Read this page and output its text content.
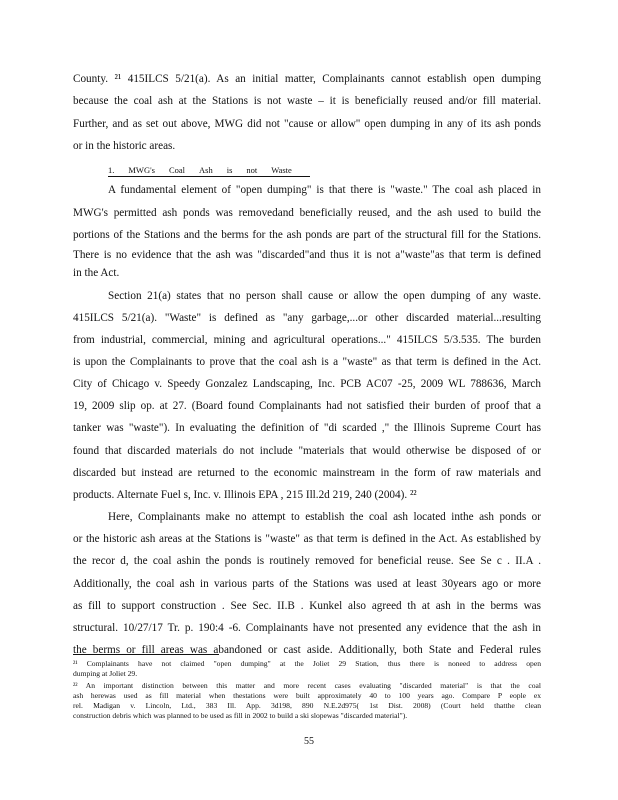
County. ²¹ 415ILCS 5/21(a). As an initial matter, Complainants cannot establish open dumping
because the coal ash at the Stations is not waste – it is beneficially reused and/or fill material.
Further, and as set out above, MWG did not "cause or allow" open dumping in any of its ash ponds
or in the historic areas.
1. MWG's Coal Ash is not Waste
A fundamental element of "open dumping" is that there is "waste." The coal ash placed in
MWG's permitted ash ponds was removedand beneficially reused, and the ash used to build the
portions of the Stations and the berms for the ash ponds are part of the structural fill for the Stations.
There is no evidence that the ash was "discarded"and thus it is not a"waste"as that term is defined
in the Act.
Section 21(a) states that no person shall cause or allow the open dumping of any waste.
415ILCS 5/21(a). "Waste" is defined as "any garbage,...or other discarded material...resulting
from industrial, commercial, mining and agricultural operations..." 415ILCS 5/3.535. The burden
is upon the Complainants to prove that the coal ash is a "waste" as that term is defined in the Act.
City of Chicago v. Speedy Gonzalez Landscaping, Inc. PCB AC07 -25, 2009 WL 788636, March
19, 2009 slip op. at 27. (Board found Complainants had not satisfied their burden of proof that a
tanker was "waste"). In evaluating the definition of "di scarded ," the Illinois Supreme Court has
found that discarded materials do not include "materials that would otherwise be disposed of or
discarded but instead are returned to the economic mainstream in the form of raw materials and
products. Alternate Fuel s, Inc. v. Illinois EPA , 215 Ill.2d 219, 240 (2004). ²²
Here, Complainants make no attempt to establish the coal ash located inthe ash ponds or
or the historic ash areas at the Stations is "waste" as that term is defined in the Act. As established by
the recor d, the coal ashin the ponds is routinely removed for beneficial reuse. See Se c . II.A .
Additionally, the coal ash in various parts of the Stations was used at least 30years ago or more
as fill to support construction . See Sec. II.B . Kunkel also agreed th at ash in the berms was
structural. 10/27/17 Tr. p. 190:4 -6. Complainants have not presented any evidence that the ash in
the berms or fill areas was abandoned or cast aside. Additionally, both State and Federal rules
²¹ Complainants have not claimed "open dumping" at the Joliet 29 Station, thus there is noneed to address open
dumping at Joliet 29.
²² An important distinction between this matter and more recent cases evaluating "discarded material" is that the coal
ash herewas used as fill material when thestations were built approximately 40 to 100 years ago. Compare P eople ex
rel. Madigan v. Lincoln, Ltd., 383 Ill. App. 3d198, 890 N.E.2d975( 1st Dist. 2008) (Court held thatthe clean
construction debris which was planned to be used as fill in 2002 to build a ski slopewas "discarded material").
55
